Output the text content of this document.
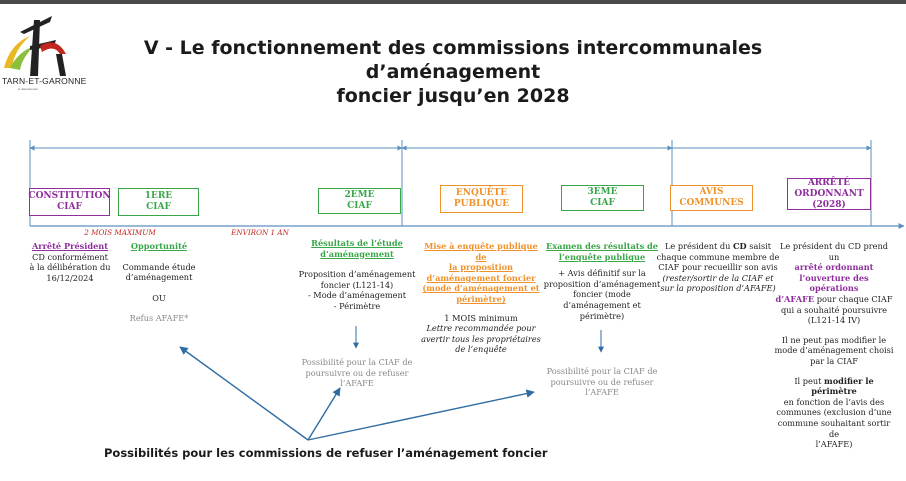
TARN-ET-GARONNE
le département
V - Le fonctionnement des commissions intercommunales d’aménagement
foncier jusqu’en 2028
CONSTITUTION
CIAF
1ERE
CIAF
2EME
CIAF
ENQUÊTE
PUBLIQUE
3EME
CIAF
AVIS
COMMUNES
ARRÊTÉ
ORDONNANT
(2028)
2 MOIS MAXIMUM	ENVIRON 1 AN
Arrêté Président
CD conformément
à la délibération du
16/12/2024
Opportunité
Commande étude
d’aménagement
OU
Refus AFAFE*
Résultats de l’étude
d’aménagement
Proposition d’aménagement
foncier (L121-14)
- Mode d’aménagement
- Périmètre
Possibilité pour la CIAF de
poursuivre ou de refuser l’AFAFE
Mise à enquête publique de
la proposition
d’aménagement foncier
(mode d’aménagement et
périmètre)
1 MOIS minimum
Lettre recommandée pour
avertir tous les propriétaires
de l’enquête
Examen des résultats de
l’enquête publique
+ Avis définitif sur la
proposition d’aménagement
foncier (mode
d’aménagement et périmètre)
Possibilité pour la CIAF de
poursuivre ou de refuser
l’AFAFE
Le président du CD saisit
chaque commune membre de
CIAF pour recueillir son avis
(rester/sortir de la CIAF et
sur la proposition d’AFAFE)
Le président du CD prend un
arrêté ordonnant
l’ouverture des opérations
d’AFAFE pour chaque CIAF
qui a souhaité poursuivre
(L121-14 IV)
Il ne peut pas modifier le
mode d’aménagement choisi
par la CIAF
Il peut modifier le périmètre
en fonction de l’avis des
communes (exclusion d’une
commune souhaitant sortir de
l’AFAFE)
Possibilités pour les commissions de refuser l’aménagement foncier
